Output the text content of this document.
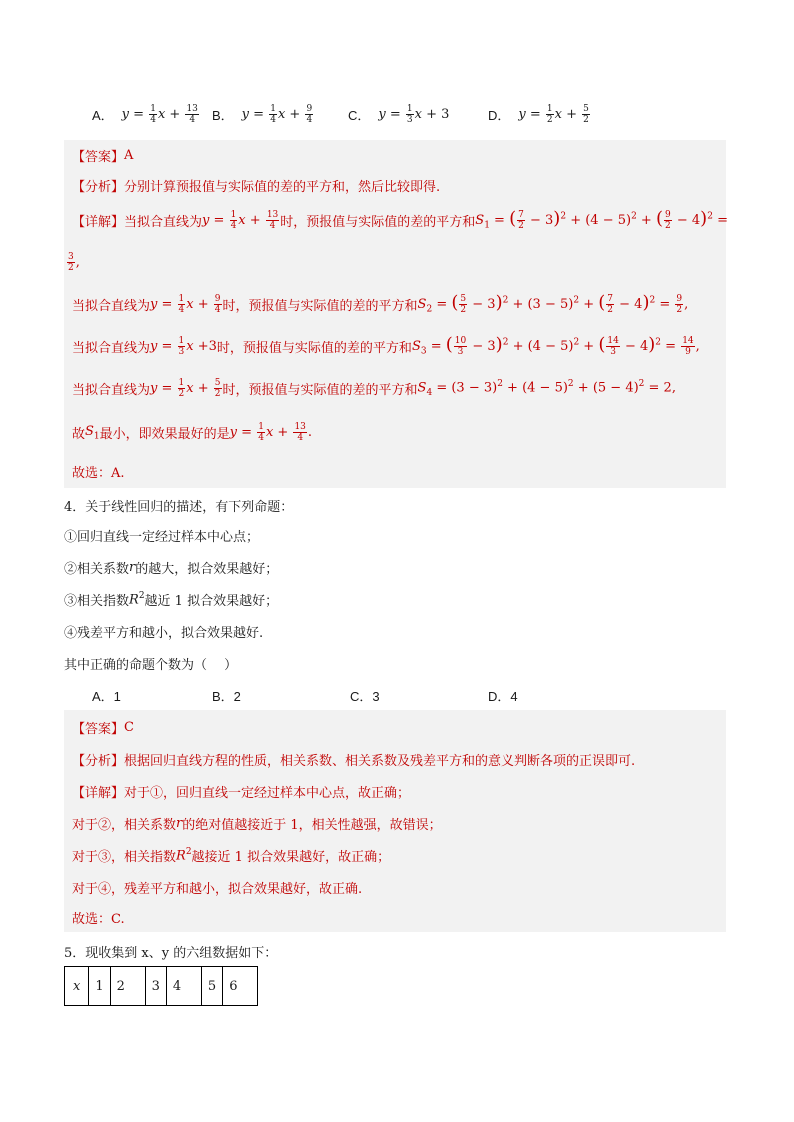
A． $y = \frac{1}{4}$ $x + \frac{13}{4}$ B． $y = \frac{1}{4}$ $x + \frac{9}{4}$	C． $y = \frac{1}{3}$ x + 3	D． $y = \frac{1}{2}$ $x + \frac{5}{2}$
【答案】 A
【分析】 分别计算预报值与实际值的差的平方和，然后比较即得.
【详解】 当拟合直线为 $y = \frac{1}{4}$ $x + \frac{13}{4}$ 时，预报值与实际值的差的平方和 $S_1$ = ( $\frac{7}{2} - 3)^2 + (4 - 5)^2$ + ( $\frac{9}{2} - 4)^2$ =
$\frac{3}{2}$ ,
当拟合直线为 $y = \frac{1}{4}$ $x + \frac{9}{4}$ 时，预报值与实际值的差的平方和 $S_2$ = ( $\frac{5}{2} - 3)^2 + (3 - 5)^2$ + ( $\frac{7}{2} - 4)^2 = \frac{9}{2}$ ,
当拟合直线为 $y = \frac{1}{3}$ x +3 时，预报值与实际值的差的平方和 $S_3$ = ( $\frac{10}{3} - 3)^2 + (4 - 5)^2$ + ( $\frac{14}{3} - 4)^2 = \frac{14}{9}$ ,
当拟合直线为 $y = \frac{1}{2}$ $x + \frac{5}{2}$ 时，预报值与实际值的差的平方和 $S_4 = (3 - 3)^2 + (4 - 5)^2 + (5 - 4)^2 = 2$,
故 $S_1$ 最小，即效果最好的是 $y = \frac{1}{4}$ $x + \frac{13}{4}$ .
故选：A.
4．关于线性回归的描述，有下列命题：
①回归直线一定经过样本中心点；
②相关系数 r 的越大，拟合效果越好；
③相关指数 $R^2$ 越近 1 拟合效果越好；
④残差平方和越小，拟合效果越好.
其中正确的命题个数为（　 ）
A．1	B．2	C．3	D．4
【答案】 C
【分析】 根据回归直线方程的性质，相关系数、相关系数及残差平方和的意义判断各项的正误即可.
【详解】 对于①，回归直线一定经过样本中心点，故正确；
对于②，相关系数 r 的绝对值越接近于 1，相关性越强，故错误；
对于③，相关指数 $R^2$ 越接近 1 拟合效果越好，故正确；
对于④，残差平方和越小，拟合效果越好，故正确.
故选：C.
5．现收集到 x、y 的六组数据如下：
x	1	2	3	4	5	6
